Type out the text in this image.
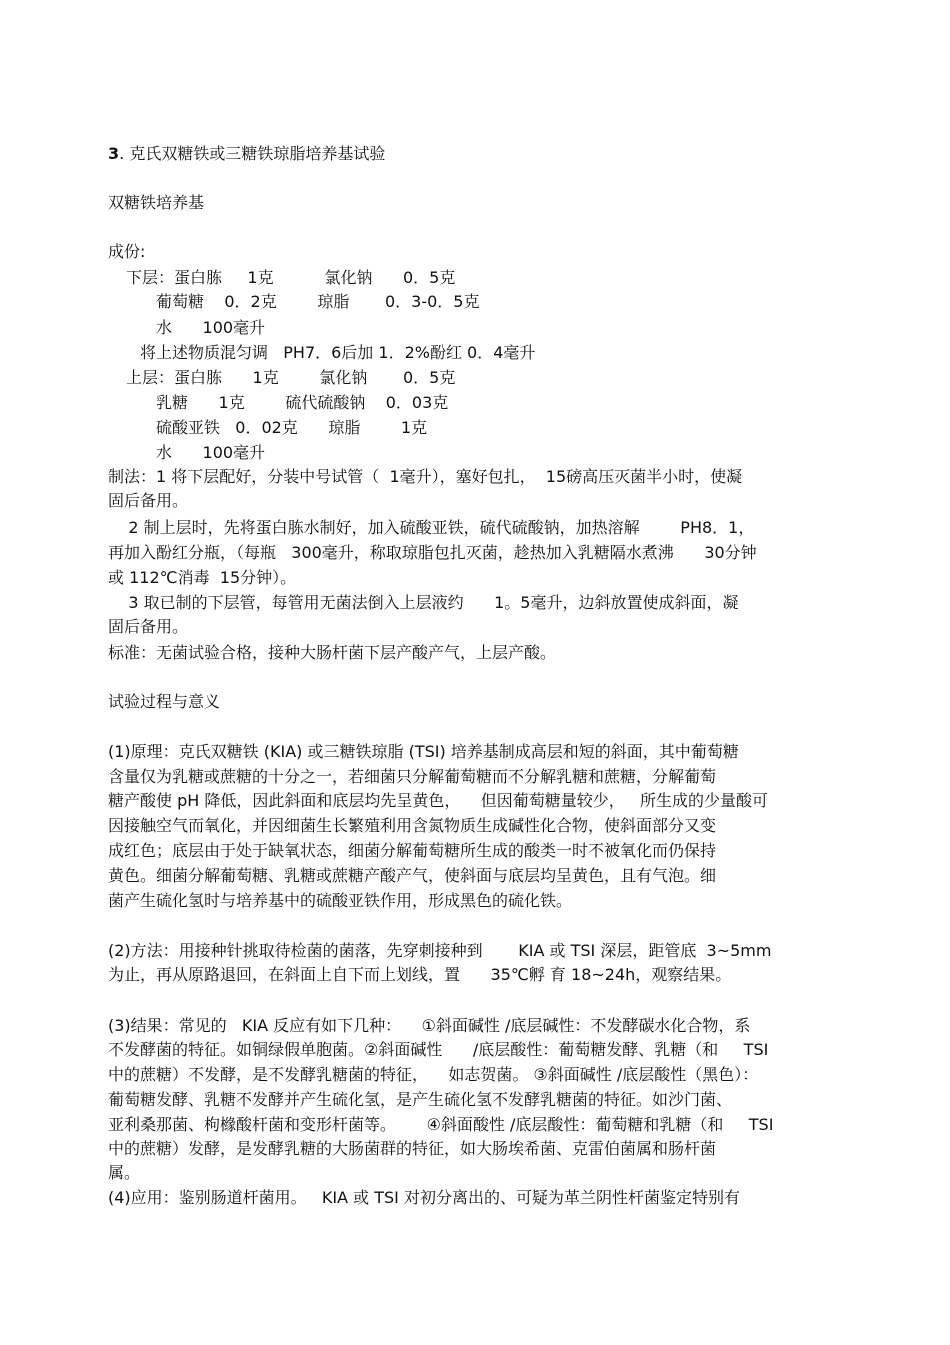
3. 克氏双糖铁或三糖铁琼脂培养基试验
双糖铁培养基
成份:
下层：蛋白胨     1克          氯化钠      0．5克
葡萄糖    0．2克        琼脂       0．3-0．5克
水      100毫升
将上述物质混匀调   PH7．6后加 1．2%酚红 0．4毫升
上层：蛋白胨      1克        氯化钠       0．5克
乳糖      1克        硫代硫酸钠    0．03克
硫酸亚铁   0．02克      琼脂        1克
水      100毫升
制法：1 将下层配好，分装中号试管（  1毫升），塞好包扎，  15磅高压灭菌半小时，使凝
固后备用。
2 制上层时，先将蛋白胨水制好，加入硫酸亚铁，硫代硫酸钠，加热溶解        PH8．1，
再加入酚红分瓶，（每瓶   300毫升，称取琼脂包扎灭菌，趁热加入乳糖隔水煮沸      30分钟
或 112℃消毒  15分钟）。
3 取已制的下层管，每管用无菌法倒入上层液约      1。5毫升，边斜放置使成斜面，凝
固后备用。
标准：无菌试验合格，接种大肠杆菌下层产酸产气，上层产酸。
试验过程与意义
(1)原理：克氏双糖铁 (KIA) 或三糖铁琼脂 (TSI) 培养基制成高层和短的斜面，其中葡萄糖
含量仅为乳糖或蔗糖的十分之一，若细菌只分解葡萄糖而不分解乳糖和蔗糖，分解葡萄
糖产酸使 pH 降低，因此斜面和底层均先呈黄色，    但因葡萄糖量较少，   所生成的少量酸可
因接触空气而氧化，并因细菌生长繁殖利用含氮物质生成碱性化合物，使斜面部分又变
成红色；底层由于处于缺氧状态，细菌分解葡萄糖所生成的酸类一时不被氧化而仍保持
黄色。细菌分解葡萄糖、乳糖或蔗糖产酸产气，使斜面与底层均呈黄色，且有气泡。细
菌产生硫化氢时与培养基中的硫酸亚铁作用，形成黑色的硫化铁。
(2)方法：用接种针挑取待检菌的菌落，先穿刺接种到       KIA 或 TSI 深层，距管底  3~5mm
为止，再从原路退回，在斜面上自下而上划线，置      35℃孵 育 18~24h，观察结果。
(3)结果：常见的   KIA 反应有如下几种：    ①斜面碱性 /底层碱性：不发酵碳水化合物，系
不发酵菌的特征。如铜绿假单胞菌。②斜面碱性      /底层酸性：葡萄糖发酵、乳糖（和     TSI
中的蔗糖）不发酵，是不发酵乳糖菌的特征，    如志贺菌。 ③斜面碱性 /底层酸性（黑色）：
葡萄糖发酵、乳糖不发酵并产生硫化氢，是产生硫化氢不发酵乳糖菌的特征。如沙门菌、
亚利桑那菌、枸橼酸杆菌和变形杆菌等。      ④斜面酸性 /底层酸性：葡萄糖和乳糖（和     TSI
中的蔗糖）发酵，是发酵乳糖的大肠菌群的特征，如大肠埃希菌、克雷伯菌属和肠杆菌
属。
(4)应用：鉴别肠道杆菌用。   KIA 或 TSI 对初分离出的、可疑为革兰阴性杆菌鉴定特别有
